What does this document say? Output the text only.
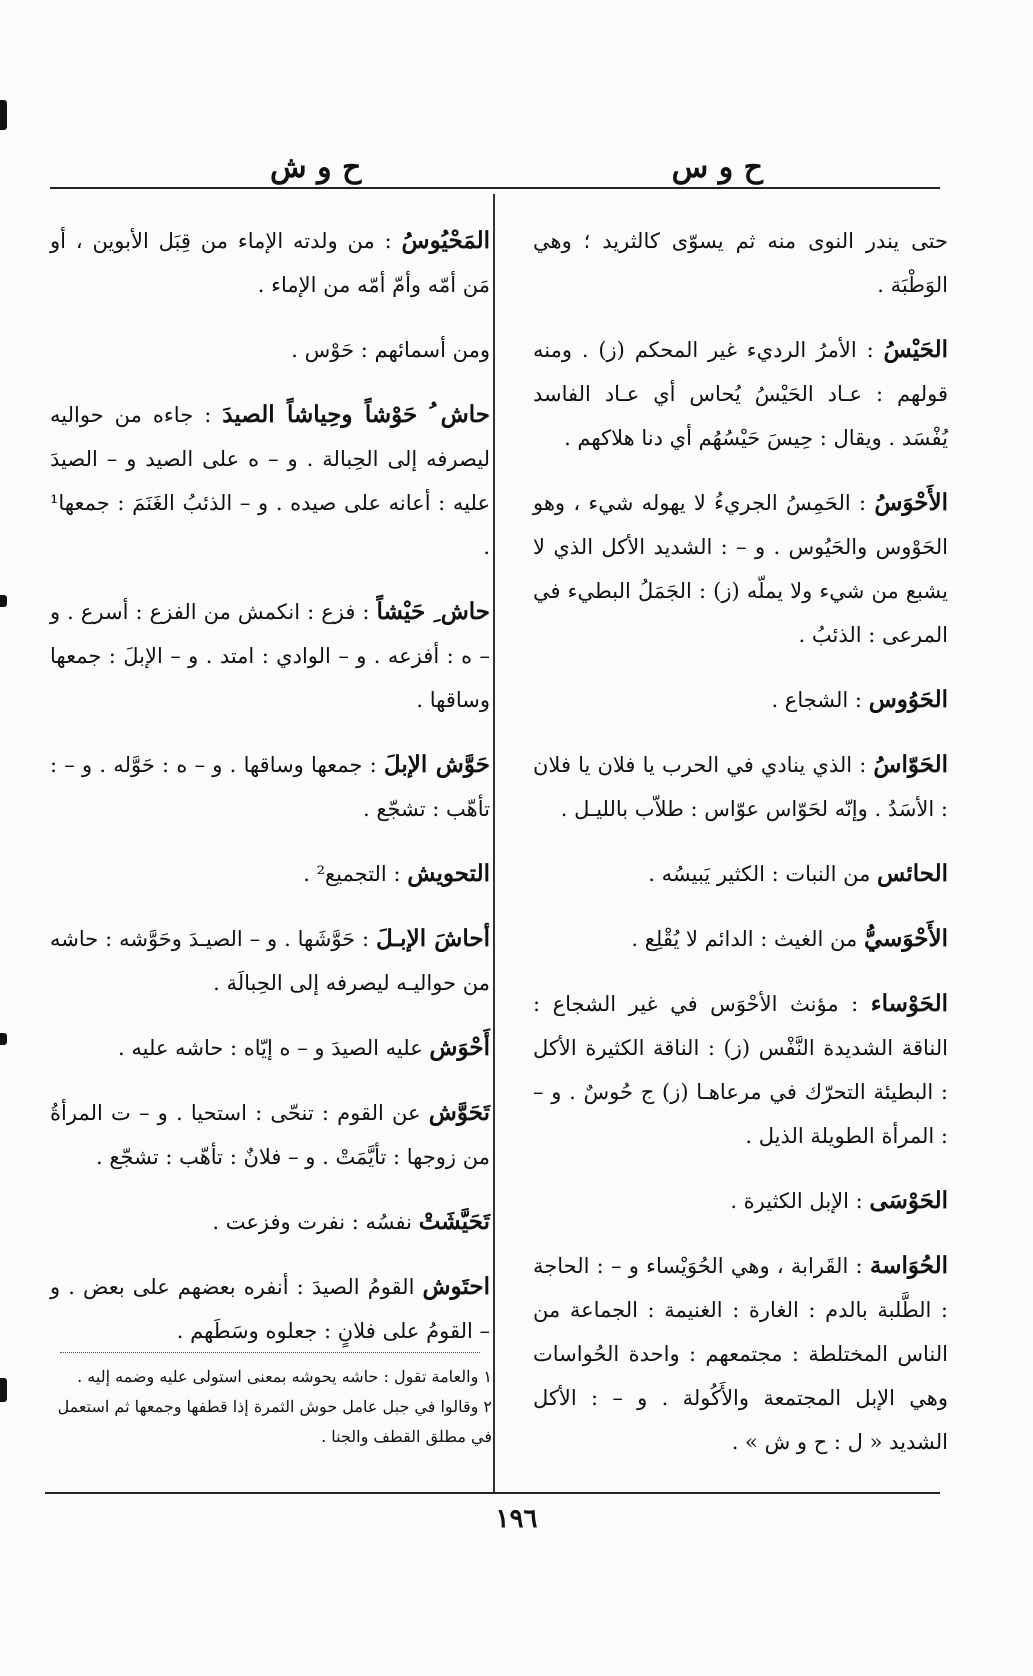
ح و س
ح و ش

حتى يندر النوى منه ثم يسوّى كالثريد ؛ وهي الوَطْبَة .

الحَيْسُ : الأمرُ الرديء غير المحكم (ز) . ومنه قولهم : عـاد الحَيْسُ يُحاس أي عـاد الفاسد يُفْسَد . ويقال : حِيسَ حَيْسُهُم أي دنا هلاكهم .

الأَحْوَسُ : الحَمِسُ الجريءُ لا يهوله شيء ، وهو الحَوْوس والحَيُوس . و – : الشديد الأكل الذي لا يشبع من شيء ولا يملّه (ز) : الجَمَلُ البطيء في المرعى : الذئبُ .

الحَوُوس : الشجاع .

الحَوّاسُ : الذي ينادي في الحرب يا فلان يا فلان : الأسَدُ . وإنّه لحَوّاس عوّاس : طلاّب بالليـل .

الحائس من النبات : الكثير يَبيسُه .

الأَحْوَسيُّ من الغيث : الدائم لا يُقْلِع .

الحَوْساء : مؤنث الأحْوَس في غير الشجاع : الناقة الشديدة النَّفْس (ز) : الناقة الكثيرة الأكل : البطيئة التحرّك في مرعاهـا (ز) ج حُوسٌ . و – : المرأة الطويلة الذيل .

الحَوْسَى : الإبل الكثيرة .

الحُوَاسة : القَرابة ، وهي الحُوَيْساء و – : الحاجة : الطَّلبة بالدم : الغارة : الغنيمة : الجماعة من الناس المختلطة : مجتمعهم : واحدة الحُواسات وهي الإبل المجتمعة والأَكُولة . و – : الأكل الشديد « ل : ح و ش » .

المَحْيُوسُ : من ولدته الإماء من قِبَل الأبوين ، أو مَن أمّه وأمّ أمّه من الإماء .

ومن أسمائهم : حَوْس .

حاش ُ حَوْشاً وحِياشاً الصيدَ : جاءه من حواليه ليصرفه إلى الحِبالة . و – ه على الصيد و – الصيدَ عليه : أعانه على صيده . و – الذئبُ الغَنَمَ : جمعها¹ .

حاش ِ حَيْشاً : فزع : انكمش من الفزع : أسرع . و – ه : أفزعه . و – الوادي : امتد . و – الإبلَ : جمعها وساقها .

حَوَّش الإبلَ : جمعها وساقها . و – ه : حَوَّله . و – : تأهّب : تشجّع .

التحويش : التجميع² .

أحاشَ الإبـلَ : حَوَّشَها . و – الصيـدَ وحَوَّشه : حاشه من حواليـه ليصرفه إلى الحِبالَة .

أَحْوَش عليه الصيدَ و – ه إيّاه : حاشه عليه .

تَحَوَّش عن القوم : تنحّى : استحيا . و – ت المرأةُ من زوجها : تأيَّمَتْ . و – فلانٌ : تأهّب : تشجّع .

تَحَيَّشَتْ نفسُه : نفرت وفزعت .

احتَوش القومُ الصيدَ : أنفره بعضهم على بعض . و – القومُ على فلانٍ : جعلوه وسَطَهم .

١ والعامة تقول : حاشه يحوشه بمعنى استولى عليه وضمه إليه .
٢ وقالوا في جبل عامل حوش الثمرة إذا قطفها وجمعها ثم استعمل في مطلق القطف والجنا .
١٩٦
